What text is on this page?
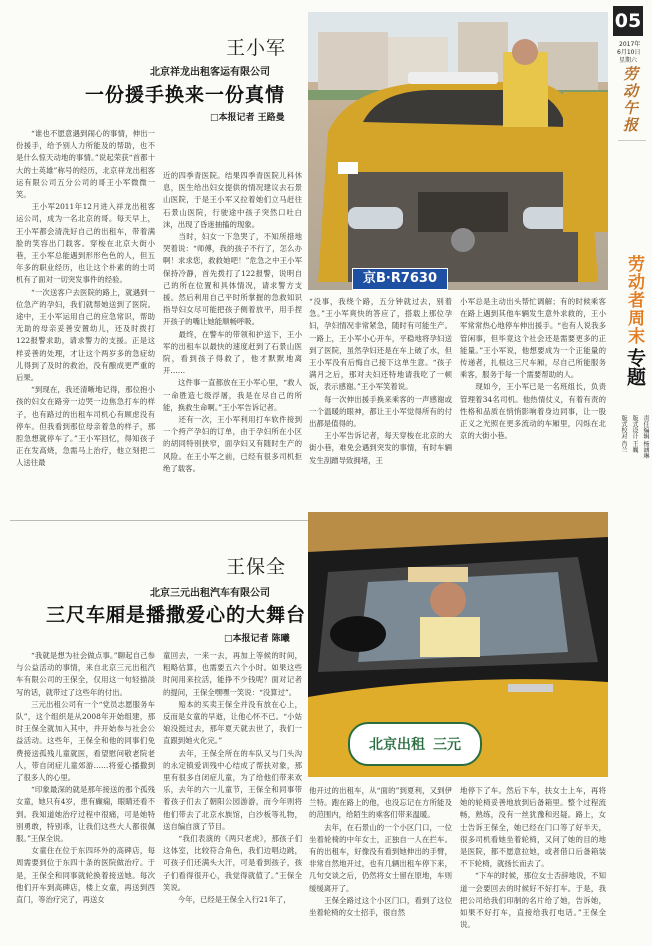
05
2017年
6月10日
星期六
劳动午报
劳动者周末
专题
责任编辑 杨涵琳
版式设计 王巍
版式校对 肖兰
王小军
北京祥龙出租客运有限公司
一份援手换来一份真情
□本报记者 王路曼
京B·R7630
　　“谁也不愿意遇到闹心的事情，伸出一份援手，给予别人力所能及的帮助，也不是什么惊天动地的事情。”说起荣获“首都十大的士英雄”称号的经历，北京祥龙出租客运有限公司五分公司的哥王小军微微一笑。
　　王小军2011年12月进入祥龙出租客运公司，成为一名北京的哥。每天早上，王小军都会清洗好自己的出租车，带着满脸的笑容出门载客。穿梭在北京大街小巷，王小军总能遇到形形色色的人，但五年多的职业经历，也让这个朴素的的士司机有了面对一切突发事件的经验。
　　“一次送客户去医院的路上，就遇到一位急产的孕妇，我们就帮她送到了医院。途中，王小军运用自己的应急常识，帮助无助的母亲妥善安置幼儿，还及时拨打122报警求助，请求警力的支援。正是这样妥善的处理，才让这个两岁多的急症幼儿得到了及时的救治，没有酿成更严重的后果。
　　“到现在，我还清晰地记得，那位抱小孩的妇女在路旁一边哭一边焦急打车的样子，也有路过的出租车司机心有顾虑没有停车。但我看到那位母亲着急的样子，那腔急想就停车了。”王小军回忆，得知孩子正在发高烧，急需马上治疗，他立刻把二人送往最
近的四季青医院。结果四季青医院儿科休息，医生给出妇女提供的情况建议去石景山医院，于是王小军又拉着她们立马赶往石景山医院，行驶途中孩子突然口吐白沫，出现了昏迷抽搐的现象。
　　当时，妇女一下急哭了，不知所措地哭着说：“师傅，我的孩子不行了，怎么办啊！求求您，救救她吧！”危急之中王小军保持冷静，首先拨打了122报警，说明自己的所在位置和具体情况，请求警方支援。然后利用自己平时所掌握的急救知识指导妇女尽可能把孩子侧着放平，用手捏开孩子的嘴让她能顺畅呼吸。
　　最终，在警车的带领和护送下，王小军的出租车以最快的速度赶到了石景山医院，看到孩子得救了，他才默默地离开……
　　这件事一直都放在王小军心里，“救人一命胜造七级浮屠，我是在尽自己的所能，换救生命啊。”王小军告诉记者。
　　还有一次，王小军利用打车软件接到一个挎产孕妇的订单，由于孕妇所在小区的胡同特别狭窄，面孕妇又有随时生产的风险。在王小军之前，已经有很多司机拒绝了载客。
“没事，我绕个路，五分钟就过去，别着急。”王小军爽快的答应了，搭载上那位孕妇，孕妇情况非常紧急，随时有可能生产。一路上，王小军小心开车，平稳地将孕妇送到了医院，虽然孕妇还是在车上破了水，但王小军没有后悔自己接下这单生意。“孩子满月之后，那对夫妇还特地请我吃了一顿饭，表示感谢。”王小军笑着说。
　　每一次伸出援手换来乘客的一声感谢或一个温暖的眼神，都让王小军觉得所有的付出都是值得的。
　　王小军告诉记者，每天穿梭在北京的大街小巷，难免会遇到突发的事情，有时车辆发生刮蹭导致拥堵，王
小军总是主动出头帮忙调解；有的时候乘客在路上遇到其他车辆发生意外求救的，王小军常常热心地停车伸出援手。“也有人说我多管闲事，但毕竟这个社会还是需要更多的正能量。”王小军说，他想要成为一个正能量的传递者，扎根这三尺车厢，尽自己所能服务乘客，服务于每一个需要帮助的人。
　　现如今，王小军已是一名班组长，负责管理着34名司机。他热情仗义，有着有责的性格和品质在悄悄影响着身边同事，让一股正义之光照在更多流动的车厢里，闪烁在北京的大街小巷。
王保全
北京三元出租汽车有限公司
三尺车厢是播撒爱心的大舞台
□本报记者 陈曦
北京出租 三元
　　“我就是想为社会做点事。”聊起自己参与公益活动的事情，来自北京三元出租汽车有限公司的王保全，仅用这一句轻描淡写的话，就带过了这些年的付出。
　　三元出租公司有一个“党员志愿服务车队”，这个组织是从2008年开始组建，那时王保全就加入其中，并开始参与社会公益活动。这些年，王保全和他的同事们免费接送孤残儿童就医，看望慰问敬老院老人，带自闭症儿童郊游……将爱心播撒到了很多人的心里。
　　“印象最深的就是那年接送的那个孤残女童，她只有4岁，患有癫痫，眼睛还看不到。我知道她治疗过程中很痛，可是她特别勇敢，特别乖，让我们这些大人都很佩服。”王保全说。
　　女童住在位于东四环外的高碑店，每周需要到位于东四十条的医院做治疗。于是，王保全和同事就轮换着接送她。每次他们开车到高碑店，楼上女童，再送到西直门，等治疗完了，再送女
童回去，一来一去，再加上等候的时间，粗略估算，也需要五六个小时。如果这些时间用来拉活，能挣不少钱呢？面对记者的提问，王保全嘿嘿一笑说：“没算过”。
　　赔本的买卖王保全并没有放在心上，反而是女童的早逝，让他心怀不已。“小姑娘没挺过去，那年夏天就去世了，我们一直跟到她火化完。”
　　去年，王保全所在的车队又与门头沟的永定镇爱训残中心结成了帮扶对象，那里有很多自闭症儿童，为了给他们带来欢乐，去年的六一儿童节，王保全和同事带着孩子们去了朝阳公园游游，而今年则将他们带去了北京水族馆，白沙板等礼物，送自编自演了节目。
　　“我们表演的《两只老虎》，那孩子们这体室，比较符合角色，我们边唱边跳，可孩子们还满头大汗，可是看到孩子，孩子们看得很开心，我觉得就值了。”王保全笑说。
　　今年，已经是王保全入行21年了，
他开过的出租车，从“面的”到夏利，又到伊兰特。跑在路上的他，也没忘记在方所能及的范围内，给陌生的乘客们带来温暖。
　　去年，在石景山的一个小区门口，一位坐着轮椅的中年女士，正独自一人在拦车。有的出租车，好像没有看到她伸出的手臂，非常自然地开过，也有几辆出租车停下来，几句交谈之后，仍然将女士留在原地，车则缓缓离开了。
　　王保全路过这个小区门口，看到了这位坐着轮椅的女士招手，很自然
地停下了车。然后下车，扶女士上车，再将她的轮椅妥善地放到后备箱里。整个过程流畅，熟练，没有一丝犹豫和迟疑。路上，女士告诉王保全，她已经在门口等了好半天，很多司机看她坐着轮椅，又问了她的目的地是医院，都不愿意拉她，或者借口后备箱装不下轮椅，就扬长而去了。
　　“下车的时候，那位女士否辞地说，不知道一会要回去的时候好不好打车。于是，我把公司给我们印制的名片给了她，告诉她，如果不好打车，直接给我打电话。”王保全说。
